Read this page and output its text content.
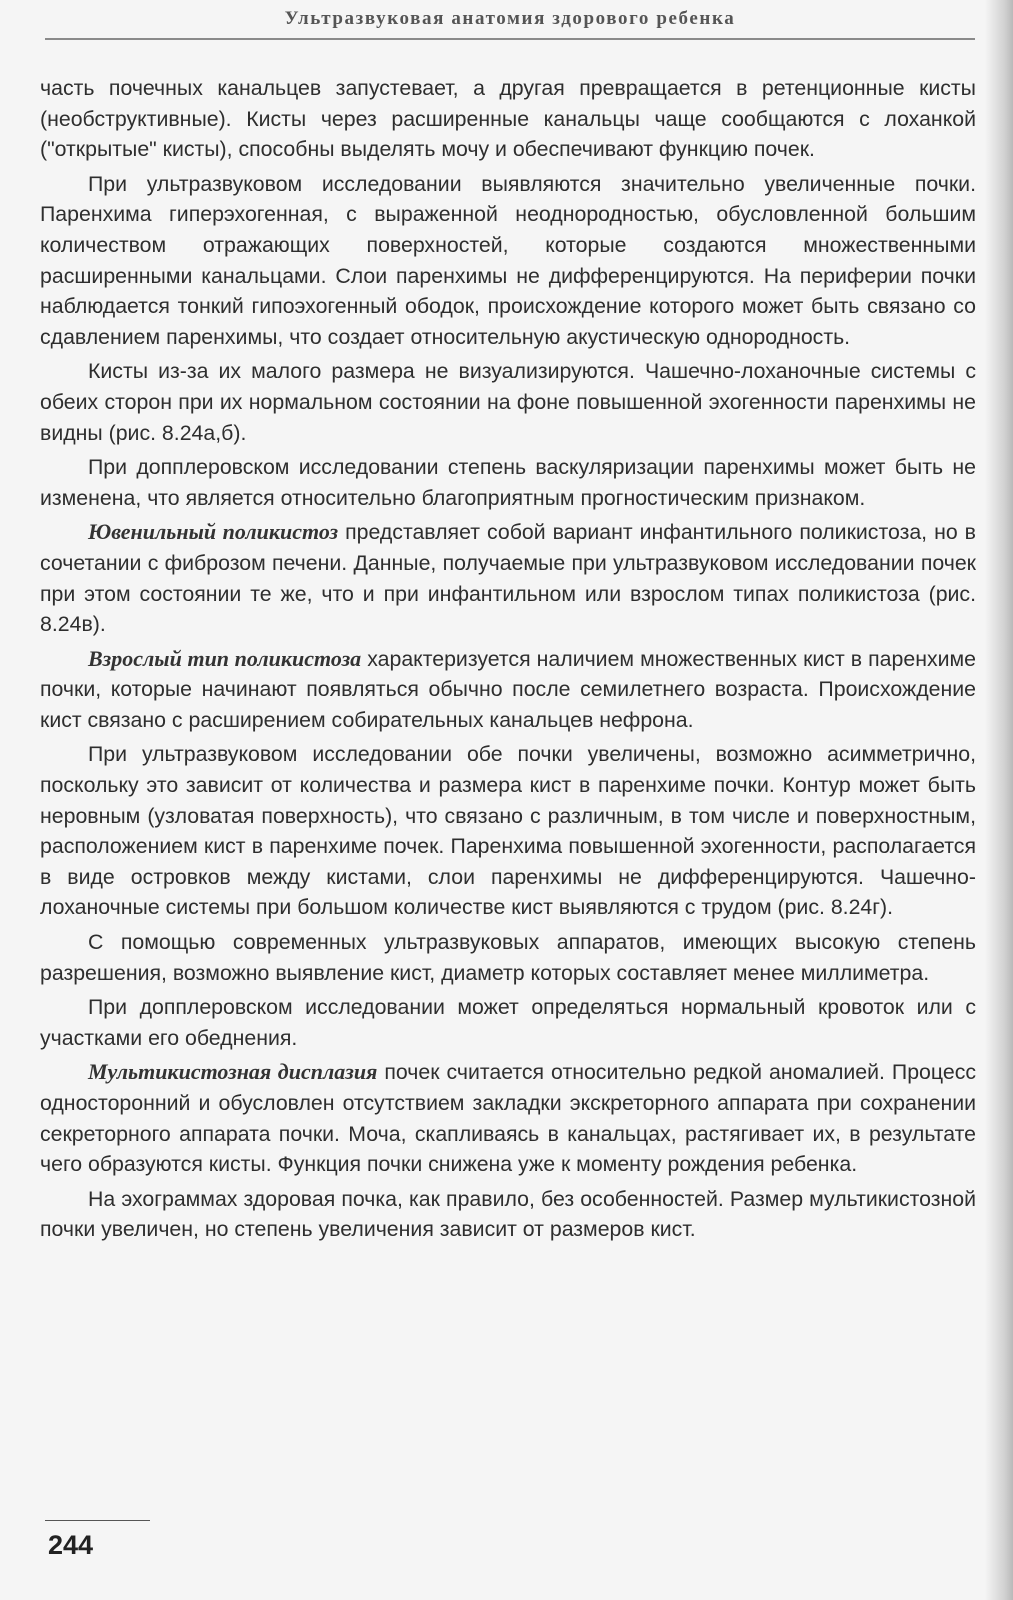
Ультразвуковая анатомия здорового ребенка

часть почечных канальцев запустевает, а другая превращается в ретенционные кисты (необструктивные). Кисты через расширенные канальцы чаще сообщаются с лоханкой ("открытые" кисты), способны выделять мочу и обеспечивают функцию почек.

При ультразвуковом исследовании выявляются значительно увеличенные почки. Паренхима гиперэхогенная, с выраженной неоднородностью, обусловленной большим количеством отражающих поверхностей, которые создаются множественными расширенными канальцами. Слои паренхимы не дифференцируются. На периферии почки наблюдается тонкий гипоэхогенный ободок, происхождение которого может быть связано со сдавлением паренхимы, что создает относительную акустическую однородность.

Кисты из-за их малого размера не визуализируются. Чашечно-лоханочные системы с обеих сторон при их нормальном состоянии на фоне повышенной эхогенности паренхимы не видны (рис. 8.24а,б).

При допплеровском исследовании степень васкуляризации паренхимы может быть не изменена, что является относительно благоприятным прогностическим признаком.

Ювенильный поликистоз представляет собой вариант инфантильного поликистоза, но в сочетании с фиброзом печени. Данные, получаемые при ультразвуковом исследовании почек при этом состоянии те же, что и при инфантильном или взрослом типах поликистоза (рис. 8.24в).

Взрослый тип поликистоза характеризуется наличием множественных кист в паренхиме почки, которые начинают появляться обычно после семилетнего возраста. Происхождение кист связано с расширением собирательных канальцев нефрона.

При ультразвуковом исследовании обе почки увеличены, возможно асимметрично, поскольку это зависит от количества и размера кист в паренхиме почки. Контур может быть неровным (узловатая поверхность), что связано с различным, в том числе и поверхностным, расположением кист в паренхиме почек. Паренхима повышенной эхогенности, располагается в виде островков между кистами, слои паренхимы не дифференцируются. Чашечно-лоханочные системы при большом количестве кист выявляются с трудом (рис. 8.24г).

С помощью современных ультразвуковых аппаратов, имеющих высокую степень разрешения, возможно выявление кист, диаметр которых составляет менее миллиметра.

При допплеровском исследовании может определяться нормальный кровоток или с участками его обеднения.

Мультикистозная дисплазия почек считается относительно редкой аномалией. Процесс односторонний и обусловлен отсутствием закладки экскреторного аппарата при сохранении секреторного аппарата почки. Моча, скапливаясь в канальцах, растягивает их, в результате чего образуются кисты. Функция почки снижена уже к моменту рождения ребенка.

На эхограммах здоровая почка, как правило, без особенностей. Размер мультикистозной почки увеличен, но степень увеличения зависит от размеров кист.

244
